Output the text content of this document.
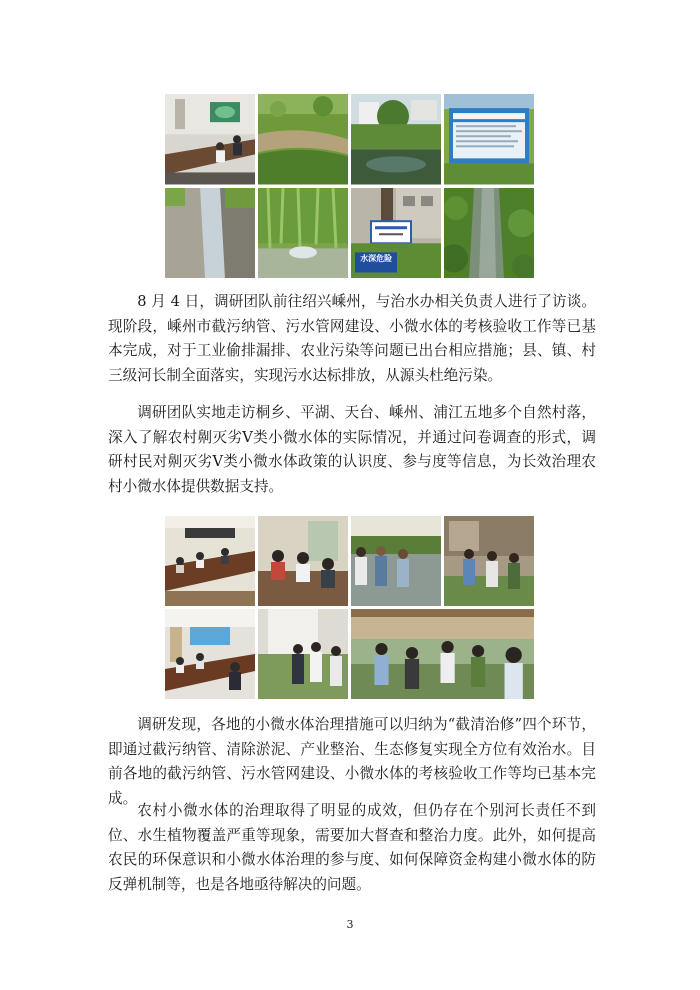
水深危险

8 月 4 日，调研团队前往绍兴嵊州，与治水办相关负责人进行了访谈。现阶段，嵊州市截污纳管、污水管网建设、小微水体的考核验收工作等已基本完成，对于工业偷排漏排、农业污染等问题已出台相应措施；县、镇、村三级河长制全面落实，实现污水达标排放，从源头杜绝污染。

调研团队实地走访桐乡、平湖、天台、嵊州、浦江五地多个自然村落，深入了解农村劓灭劣Ⅴ类小微水体的实际情况，并通过问卷调查的形式，调研村民对劓灭劣Ⅴ类小微水体政策的认识度、参与度等信息，为长效治理农村小微水体提供数据支持。

调研发现，各地的小微水体治理措施可以归纳为“截清治修”四个环节，即通过截污纳管、清除淤泥、产业整治、生态修复实现全方位有效治水。目前各地的截污纳管、污水管网建设、小微水体的考核验收工作等均已基本完成。

农村小微水体的治理取得了明显的成效，但仍存在个别河长责任不到位、水生植物覆盖严重等现象，需要加大督查和整治力度。此外，如何提高农民的环保意识和小微水体治理的参与度、如何保障资金构建小微水体的防反弹机制等，也是各地亟待解决的问题。

3
